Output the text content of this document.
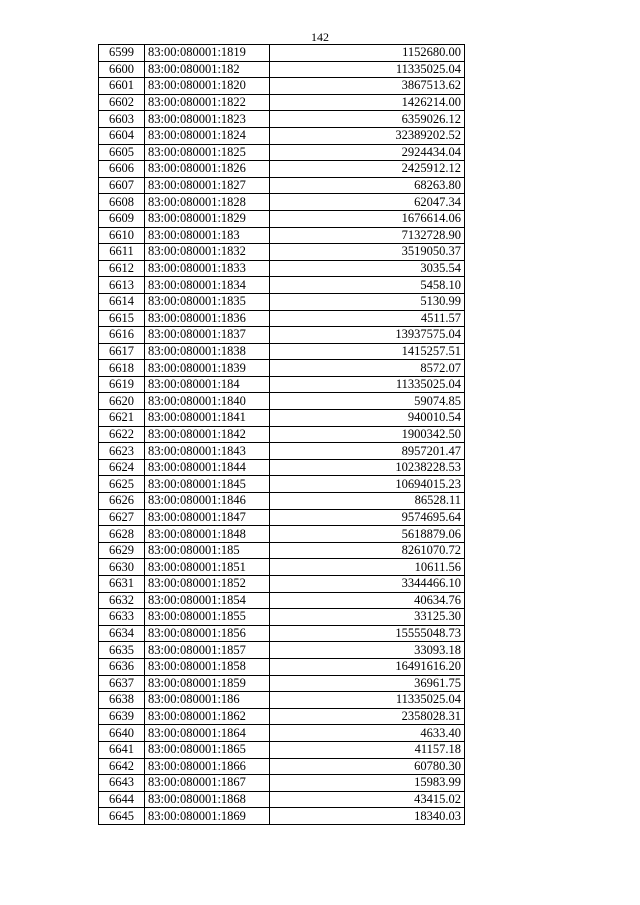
142
6599	83:00:080001:1819	1152680.00
6600	83:00:080001:182	11335025.04
6601	83:00:080001:1820	3867513.62
6602	83:00:080001:1822	1426214.00
6603	83:00:080001:1823	6359026.12
6604	83:00:080001:1824	32389202.52
6605	83:00:080001:1825	2924434.04
6606	83:00:080001:1826	2425912.12
6607	83:00:080001:1827	68263.80
6608	83:00:080001:1828	62047.34
6609	83:00:080001:1829	1676614.06
6610	83:00:080001:183	7132728.90
6611	83:00:080001:1832	3519050.37
6612	83:00:080001:1833	3035.54
6613	83:00:080001:1834	5458.10
6614	83:00:080001:1835	5130.99
6615	83:00:080001:1836	4511.57
6616	83:00:080001:1837	13937575.04
6617	83:00:080001:1838	1415257.51
6618	83:00:080001:1839	8572.07
6619	83:00:080001:184	11335025.04
6620	83:00:080001:1840	59074.85
6621	83:00:080001:1841	940010.54
6622	83:00:080001:1842	1900342.50
6623	83:00:080001:1843	8957201.47
6624	83:00:080001:1844	10238228.53
6625	83:00:080001:1845	10694015.23
6626	83:00:080001:1846	86528.11
6627	83:00:080001:1847	9574695.64
6628	83:00:080001:1848	5618879.06
6629	83:00:080001:185	8261070.72
6630	83:00:080001:1851	10611.56
6631	83:00:080001:1852	3344466.10
6632	83:00:080001:1854	40634.76
6633	83:00:080001:1855	33125.30
6634	83:00:080001:1856	15555048.73
6635	83:00:080001:1857	33093.18
6636	83:00:080001:1858	16491616.20
6637	83:00:080001:1859	36961.75
6638	83:00:080001:186	11335025.04
6639	83:00:080001:1862	2358028.31
6640	83:00:080001:1864	4633.40
6641	83:00:080001:1865	41157.18
6642	83:00:080001:1866	60780.30
6643	83:00:080001:1867	15983.99
6644	83:00:080001:1868	43415.02
6645	83:00:080001:1869	18340.03
